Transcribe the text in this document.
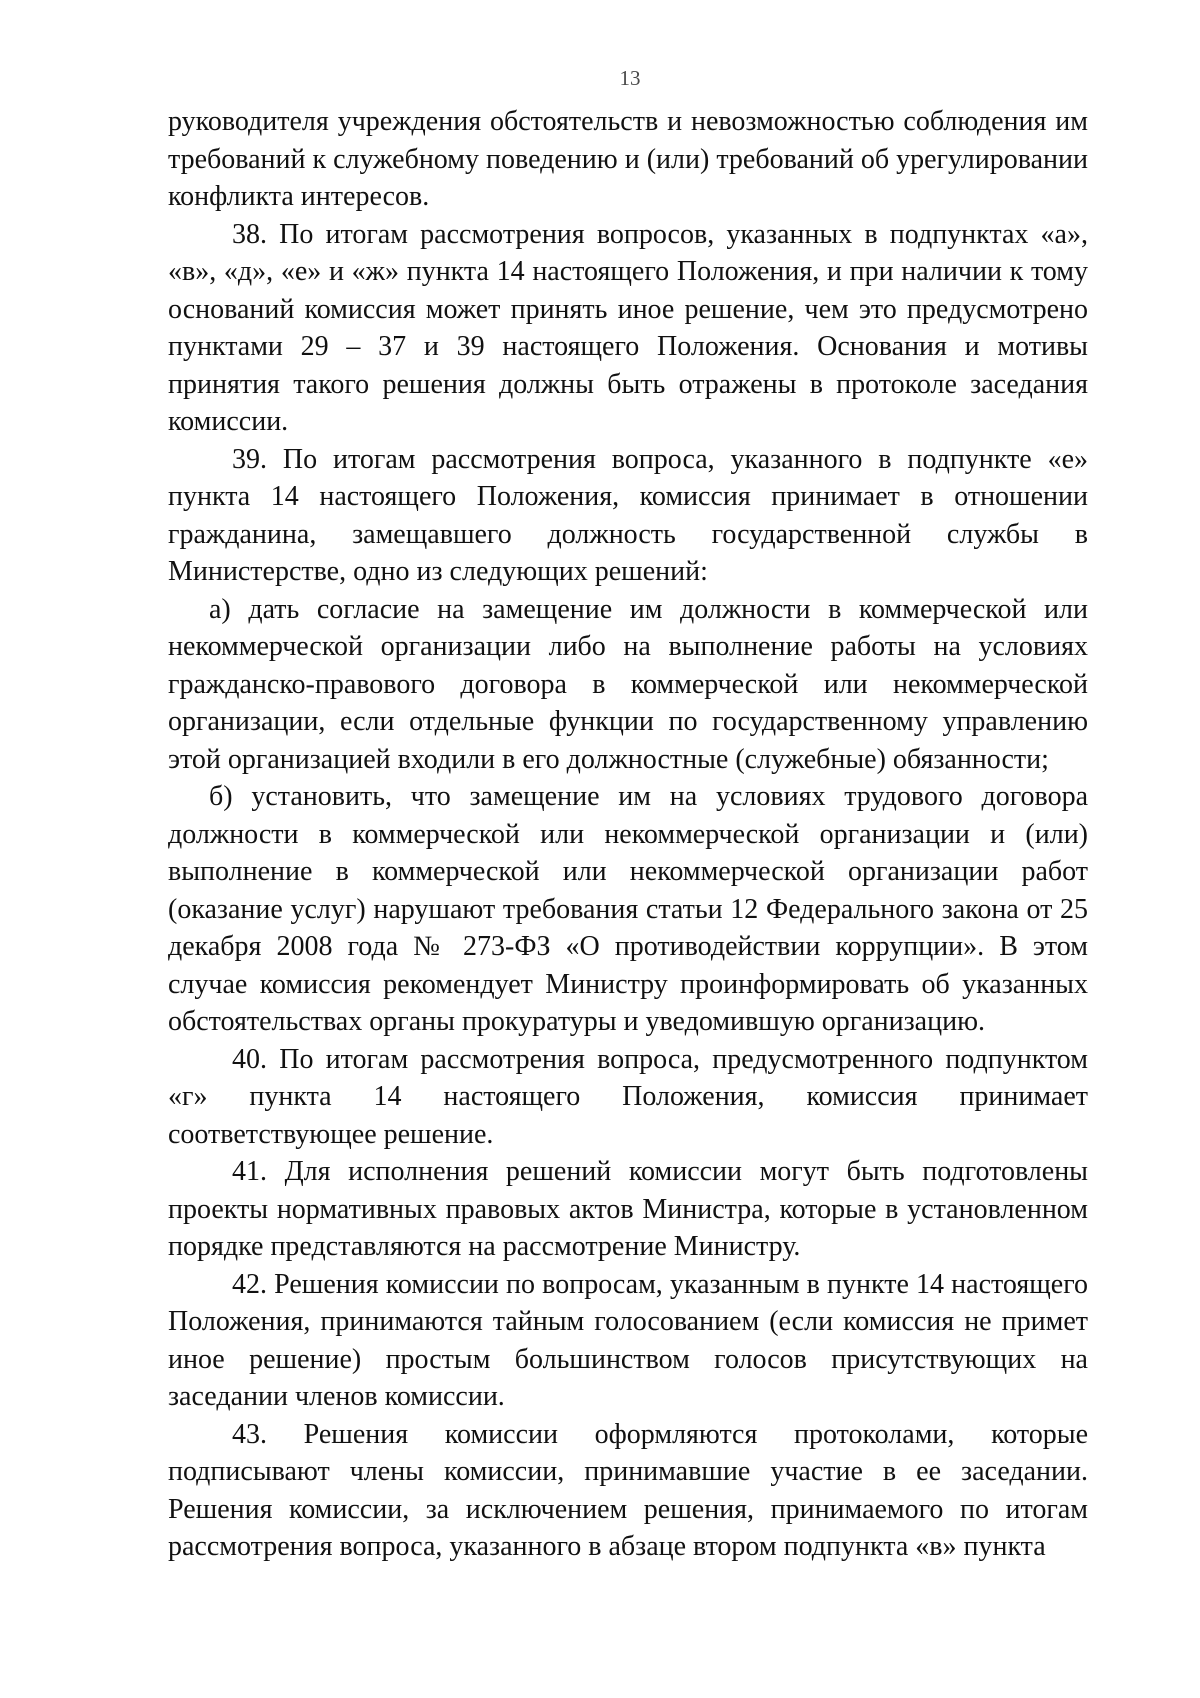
13

руководителя учреждения обстоятельств и невозможностью соблюдения им требований к служебному поведению и (или) требований об урегулировании конфликта интересов.

38. По итогам рассмотрения вопросов, указанных в подпунктах «а», «в», «д», «е» и «ж» пункта 14 настоящего Положения, и при наличии к тому оснований комиссия может принять иное решение, чем это предусмотрено пунктами 29 – 37 и 39 настоящего Положения. Основания и мотивы принятия такого решения должны быть отражены в протоколе заседания комиссии.

39. По итогам рассмотрения вопроса, указанного в подпункте «е» пункта 14 настоящего Положения, комиссия принимает в отношении гражданина, замещавшего должность государственной службы в Министерстве, одно из следующих решений:

а) дать согласие на замещение им должности в коммерческой или некоммерческой организации либо на выполнение работы на условиях гражданско-правового договора в коммерческой или некоммерческой организации, если отдельные функции по государственному управлению этой организацией входили в его должностные (служебные) обязанности;

б) установить, что замещение им на условиях трудового договора должности в коммерческой или некоммерческой организации и (или) выполнение в коммерческой или некоммерческой организации работ (оказание услуг) нарушают требования статьи 12 Федерального закона от 25 декабря 2008 года № 273-ФЗ «О противодействии коррупции». В этом случае комиссия рекомендует Министру проинформировать об указанных обстоятельствах органы прокуратуры и уведомившую организацию.

40. По итогам рассмотрения вопроса, предусмотренного подпунктом «г» пункта 14 настоящего Положения, комиссия принимает соответствующее решение.

41. Для исполнения решений комиссии могут быть подготовлены проекты нормативных правовых актов Министра, которые в установленном порядке представляются на рассмотрение Министру.

42. Решения комиссии по вопросам, указанным в пункте 14 настоящего Положения, принимаются тайным голосованием (если комиссия не примет иное решение) простым большинством голосов присутствующих на заседании членов комиссии.

43. Решения комиссии оформляются протоколами, которые подписывают члены комиссии, принимавшие участие в ее заседании. Решения комиссии, за исключением решения, принимаемого по итогам рассмотрения вопроса, указанного в абзаце втором подпункта «в» пункта
